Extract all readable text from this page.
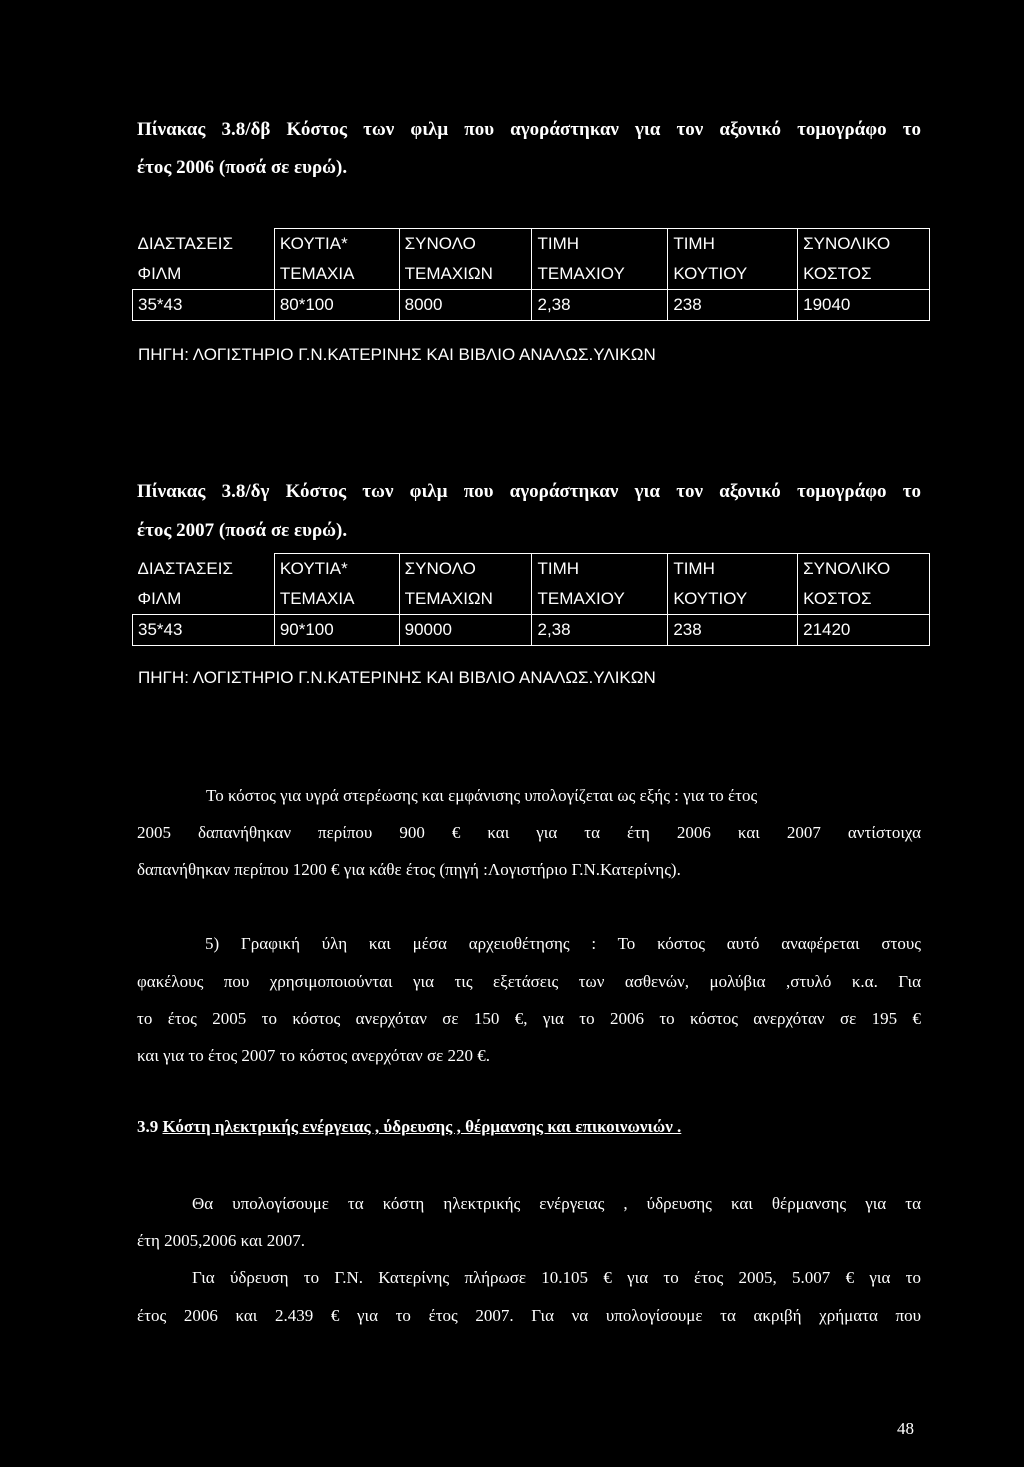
Πίνακας 3.8/δβ Κόστος των φιλμ που αγοράστηκαν για τον αξονικό τομογράφο το
έτος 2006 (ποσά σε ευρώ).
ΔΙΑΣΤΑΣΕΙΣ	ΚΟΥΤΙΑ*	ΣΥΝΟΛΟ	ΤΙΜΗ	ΤΙΜΗ	ΣΥΝΟΛΙΚΟ
ΦΙΛΜ	ΤΕΜΑΧΙΑ	ΤΕΜΑΧΙΩΝ	ΤΕΜΑΧΙΟΥ	ΚΟΥΤΙΟΥ	ΚΟΣΤΟΣ
35*43	80*100	8000	2,38	238	19040
ΠΗΓΗ: ΛΟΓΙΣΤΗΡΙΟ Γ.Ν.ΚΑΤΕΡΙΝΗΣ ΚΑΙ ΒΙΒΛΙΟ ΑΝΑΛΩΣ.ΥΛΙΚΩΝ
Πίνακας 3.8/δγ Κόστος των φιλμ που αγοράστηκαν για τον αξονικό τομογράφο το
έτος 2007 (ποσά σε ευρώ).
ΔΙΑΣΤΑΣΕΙΣ	ΚΟΥΤΙΑ*	ΣΥΝΟΛΟ	ΤΙΜΗ	ΤΙΜΗ	ΣΥΝΟΛΙΚΟ
ΦΙΛΜ	ΤΕΜΑΧΙΑ	ΤΕΜΑΧΙΩΝ	ΤΕΜΑΧΙΟΥ	ΚΟΥΤΙΟΥ	ΚΟΣΤΟΣ
35*43	90*100	90000	2,38	238	21420
ΠΗΓΗ: ΛΟΓΙΣΤΗΡΙΟ Γ.Ν.ΚΑΤΕΡΙΝΗΣ ΚΑΙ ΒΙΒΛΙΟ ΑΝΑΛΩΣ.ΥΛΙΚΩΝ
Το κόστος για υγρά στερέωσης και εμφάνισης υπολογίζεται ως εξής : για το έτος
2005 δαπανήθηκαν περίπου 900 € και για τα έτη 2006 και 2007 αντίστοιχα
δαπανήθηκαν περίπου 1200 € για κάθε έτος (πηγή :Λογιστήριο Γ.Ν.Κατερίνης).
5) Γραφική ύλη και μέσα αρχειοθέτησης : Το κόστος αυτό αναφέρεται στους
φακέλους που χρησιμοποιούνται για τις εξετάσεις των ασθενών, μολύβια ,στυλό κ.α. Για
το έτος 2005 το κόστος ανερχόταν σε 150 €, για το 2006 το κόστος ανερχόταν σε 195 €
και για το έτος 2007 το κόστος ανερχόταν σε 220 €.
3.9 Κόστη ηλεκτρικής ενέργειας , ύδρευσης , θέρμανσης και επικοινωνιών .
Θα υπολογίσουμε τα κόστη ηλεκτρικής ενέργειας , ύδρευσης και θέρμανσης για τα
έτη 2005,2006 και 2007.
Για ύδρευση το Γ.Ν. Κατερίνης πλήρωσε 10.105 € για το έτος 2005, 5.007 € για το
έτος 2006 και 2.439 € για το έτος 2007. Για να υπολογίσουμε τα ακριβή χρήματα που
48
